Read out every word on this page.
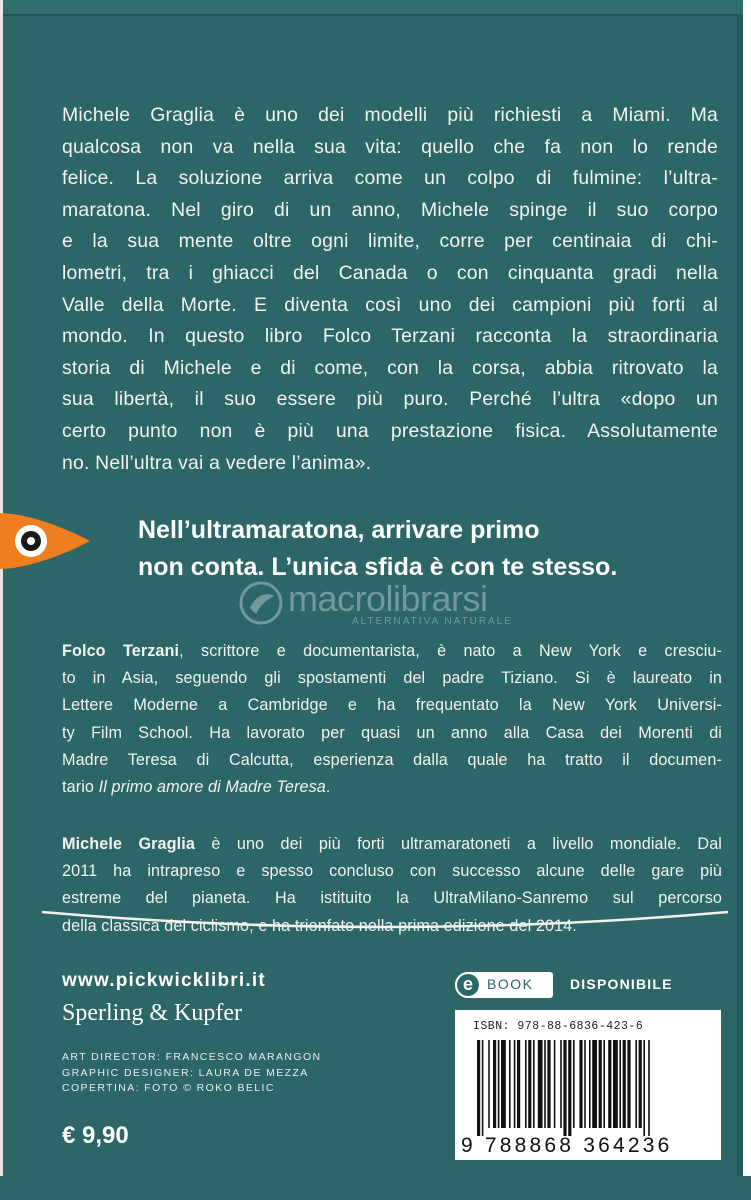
Michele Graglia è uno dei modelli più richiesti a Miami. Ma
qualcosa non va nella sua vita: quello che fa non lo rende
felice. La soluzione arriva come un colpo di fulmine: l’ultra-
maratona. Nel giro di un anno, Michele spinge il suo corpo
e la sua mente oltre ogni limite, corre per centinaia di chi-
lometri, tra i ghiacci del Canada o con cinquanta gradi nella
Valle della Morte. E diventa così uno dei campioni più forti al
mondo. In questo libro Folco Terzani racconta la straordinaria
storia di Michele e di come, con la corsa, abbia ritrovato la
sua libertà, il suo essere più puro. Perché l’ultra «dopo un
certo punto non è più una prestazione fisica. Assolutamente
no. Nell’ultra vai a vedere l’anima».
Nell’ultramaratona, arrivare primo
non conta. L’unica sfida è con te stesso.
macrolibrarsi
ALTERNATIVA NATURALE
Folco Terzani, scrittore e documentarista, è nato a New York e cresciu-
to in Asia, seguendo gli spostamenti del padre Tiziano. Si è laureato in
Lettere Moderne a Cambridge e ha frequentato la New York Universi-
ty Film School. Ha lavorato per quasi un anno alla Casa dei Morenti di
Madre Teresa di Calcutta, esperienza dalla quale ha tratto il documen-
tario Il primo amore di Madre Teresa.
Michele Graglia è uno dei più forti ultramaratoneti a livello mondiale. Dal
2011 ha intrapreso e spesso concluso con successo alcune delle gare più
estreme del pianeta. Ha istituito la UltraMilano-Sanremo sul percorso
della classica del ciclismo, e ha trionfato nella prima edizione del 2014.
www.pickwicklibri.it
Sperling & Kupfer
ART DIRECTOR: FRANCESCO MARANGON
GRAPHIC DESIGNER: LAURA DE MEZZA
COPERTINA: FOTO © ROKO BELIC
€ 9,90
e	BOOK	DISPONIBILE
ISBN: 978-88-6836-423-6
9 788868 364236
